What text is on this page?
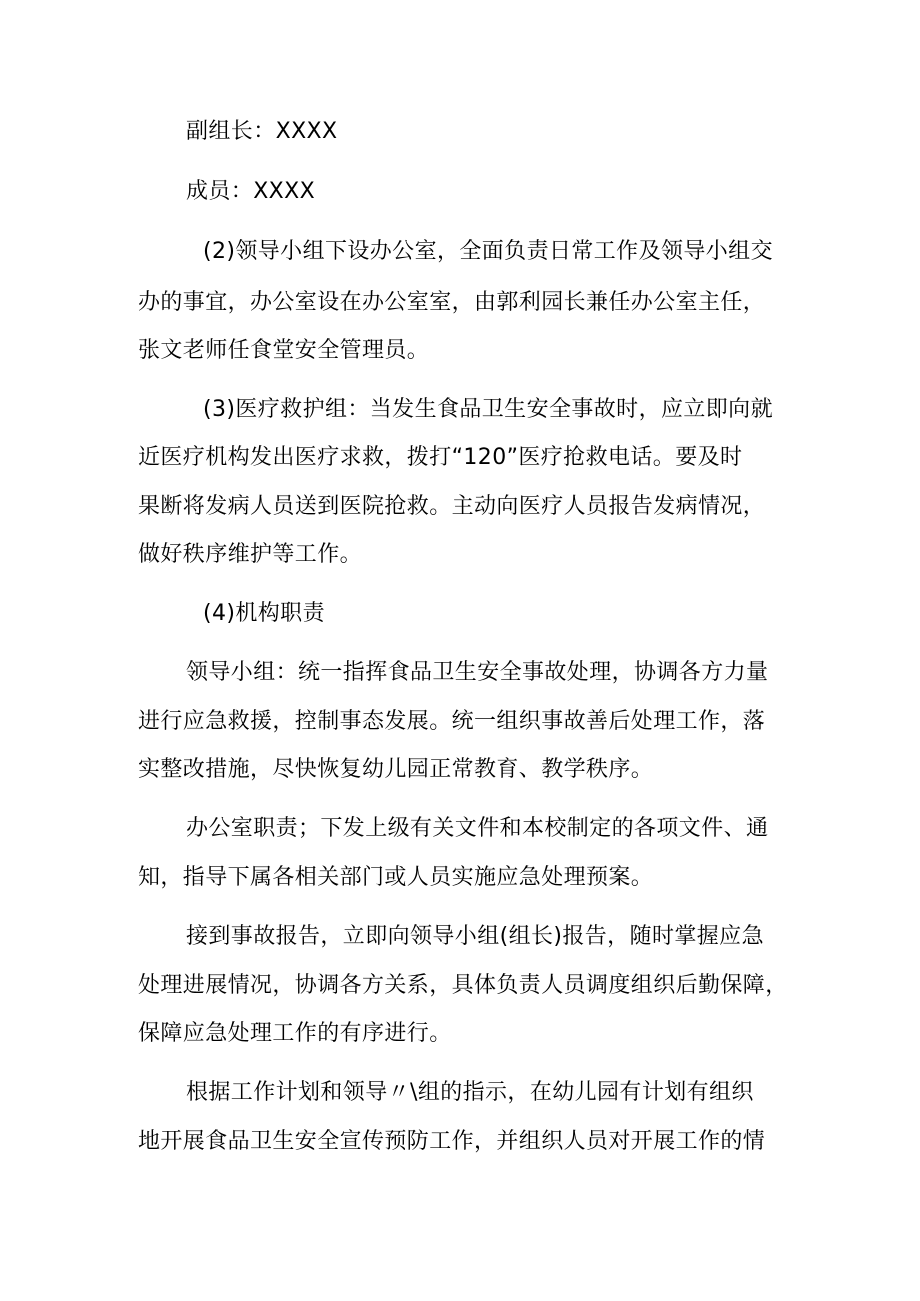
副组长：XXXX
成员：XXXX
(2)领导小组下设办公室，全面负责日常工作及领导小组交
办的事宜，办公室设在办公室室，由郭利园长兼任办公室主任，
张文老师任食堂安全管理员。
(3)医疗救护组：当发生食品卫生安全事故时，应立即向就
近医疗机构发出医疗求救，拨打“120”医疗抢救电话。要及时
果断将发病人员送到医院抢救。主动向医疗人员报告发病情况，
做好秩序维护等工作。
(4)机构职责
领导小组：统一指挥食品卫生安全事故处理，协调各方力量
进行应急救援，控制事态发展。统一组织事故善后处理工作，落
实整改措施，尽快恢复幼儿园正常教育、教学秩序。
办公室职责；下发上级有关文件和本校制定的各项文件、通
知，指导下属各相关部门或人员实施应急处理预案。
接到事故报告，立即向领导小组(组长)报告，随时掌握应急
处理进展情况，协调各方关系，具体负责人员调度组织后勤保障，
保障应急处理工作的有序进行。
根据工作计划和领导〃\组的指示，在幼儿园有计划有组织
地开展食品卫生安全宣传预防工作，并组织人员对开展工作的情
